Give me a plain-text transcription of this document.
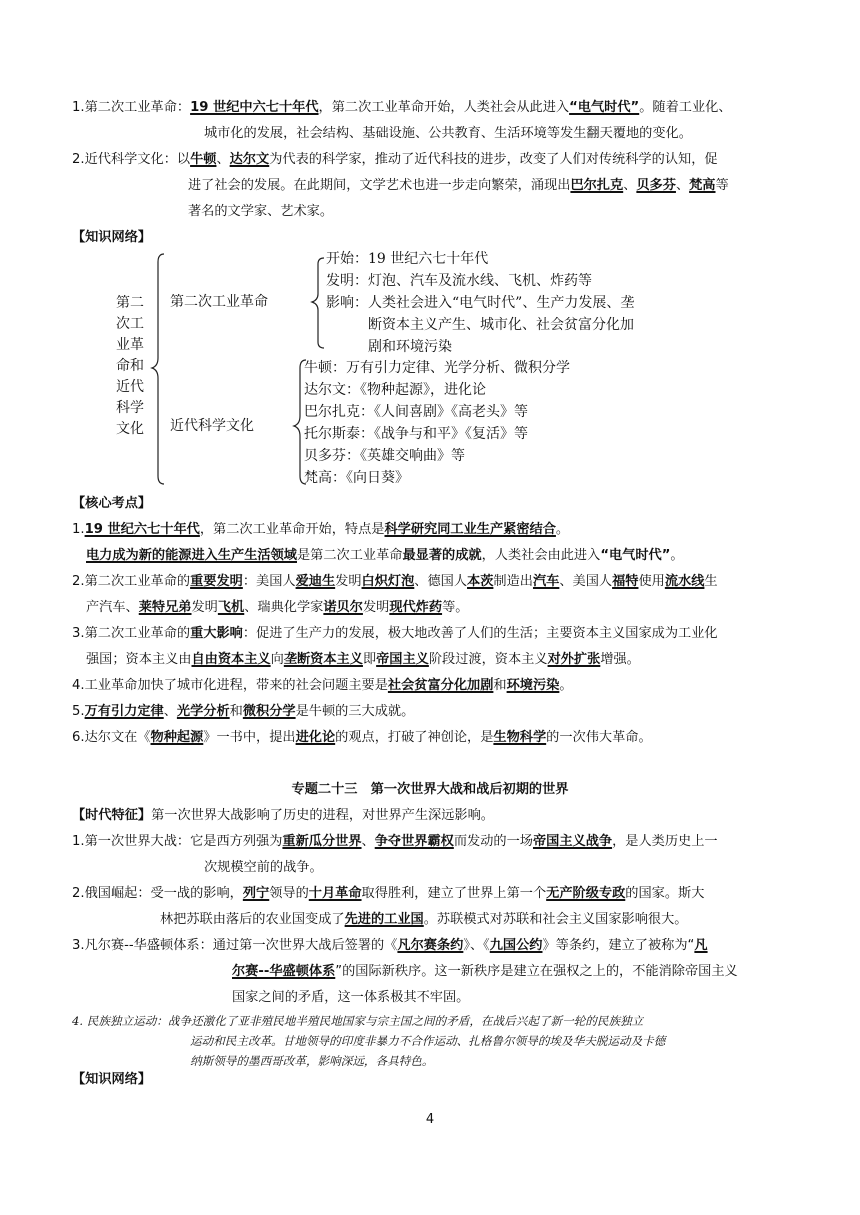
1.第二次工业革命：19 世纪中六七十年代，第二次工业革命开始，人类社会从此进入“电气时代”。随着工业化、
城市化的发展，社会结构、基础设施、公共教育、生活环境等发生翻天覆地的变化。
2.近代科学文化：以牛顿、达尔文为代表的科学家，推动了近代科技的进步，改变了人们对传统科学的认知，促
进了社会的发展。在此期间，文学艺术也进一步走向繁荣，涌现出巴尔扎克、贝多芬、梵高等
著名的文学家、艺术家。
【知识网络】
第二
次工
业革
命和
近代
科学
文化
第二次工业革命
开始：19 世纪六七十年代
发明：灯泡、汽车及流水线、飞机、炸药等
影响：人类社会进入“电气时代”、生产力发展、垄
断资本主义产生、城市化、社会贫富分化加
剧和环境污染
近代科学文化
牛顿：万有引力定律、光学分析、微积分学
达尔文：《物种起源》，进化论
巴尔扎克：《人间喜剧》《高老头》等
托尔斯泰：《战争与和平》《复活》等
贝多芬：《英雄交响曲》等
梵高：《向日葵》
【核心考点】
1.19 世纪六七十年代，第二次工业革命开始，特点是科学研究同工业生产紧密结合。
电力成为新的能源进入生产生活领域是第二次工业革命最显著的成就，人类社会由此进入“电气时代”。
2.第二次工业革命的重要发明：美国人爱迪生发明白炽灯泡、德国人本茨制造出汽车、美国人福特使用流水线生
产汽车、莱特兄弟发明飞机、瑞典化学家诺贝尔发明现代炸药等。
3.第二次工业革命的重大影响：促进了生产力的发展，极大地改善了人们的生活；主要资本主义国家成为工业化
强国；资本主义由自由资本主义向垄断资本主义即帝国主义阶段过渡，资本主义对外扩张增强。
4.工业革命加快了城市化进程，带来的社会问题主要是社会贫富分化加剧和环境污染。
5.万有引力定律、光学分析和微积分学是牛顿的三大成就。
6.达尔文在《物种起源》一书中，提出进化论的观点，打破了神创论，是生物科学的一次伟大革命。
专题二十三　第一次世界大战和战后初期的世界
【时代特征】第一次世界大战影响了历史的进程，对世界产生深远影响。
1.第一次世界大战：它是西方列强为重新瓜分世界、争夺世界霸权而发动的一场帝国主义战争，是人类历史上一
次规模空前的战争。
2.俄国崛起：受一战的影响，列宁领导的十月革命取得胜利，建立了世界上第一个无产阶级专政的国家。斯大
林把苏联由落后的农业国变成了先进的工业国。苏联模式对苏联和社会主义国家影响很大。
3.凡尔赛--华盛顿体系：通过第一次世界大战后签署的《凡尔赛条约》、《九国公约》等条约，建立了被称为“凡
尔赛--华盛顿体系”的国际新秩序。这一新秩序是建立在强权之上的，不能消除帝国主义
国家之间的矛盾，这一体系极其不牢固。
4. 民族独立运动：战争还激化了亚非殖民地半殖民地国家与宗主国之间的矛盾，在战后兴起了新一轮的民族独立
运动和民主改革。甘地领导的印度非暴力不合作运动、扎格鲁尔领导的埃及华夫脱运动及卡德
纳斯领导的墨西哥改革，影响深远，各具特色。
【知识网络】
4
